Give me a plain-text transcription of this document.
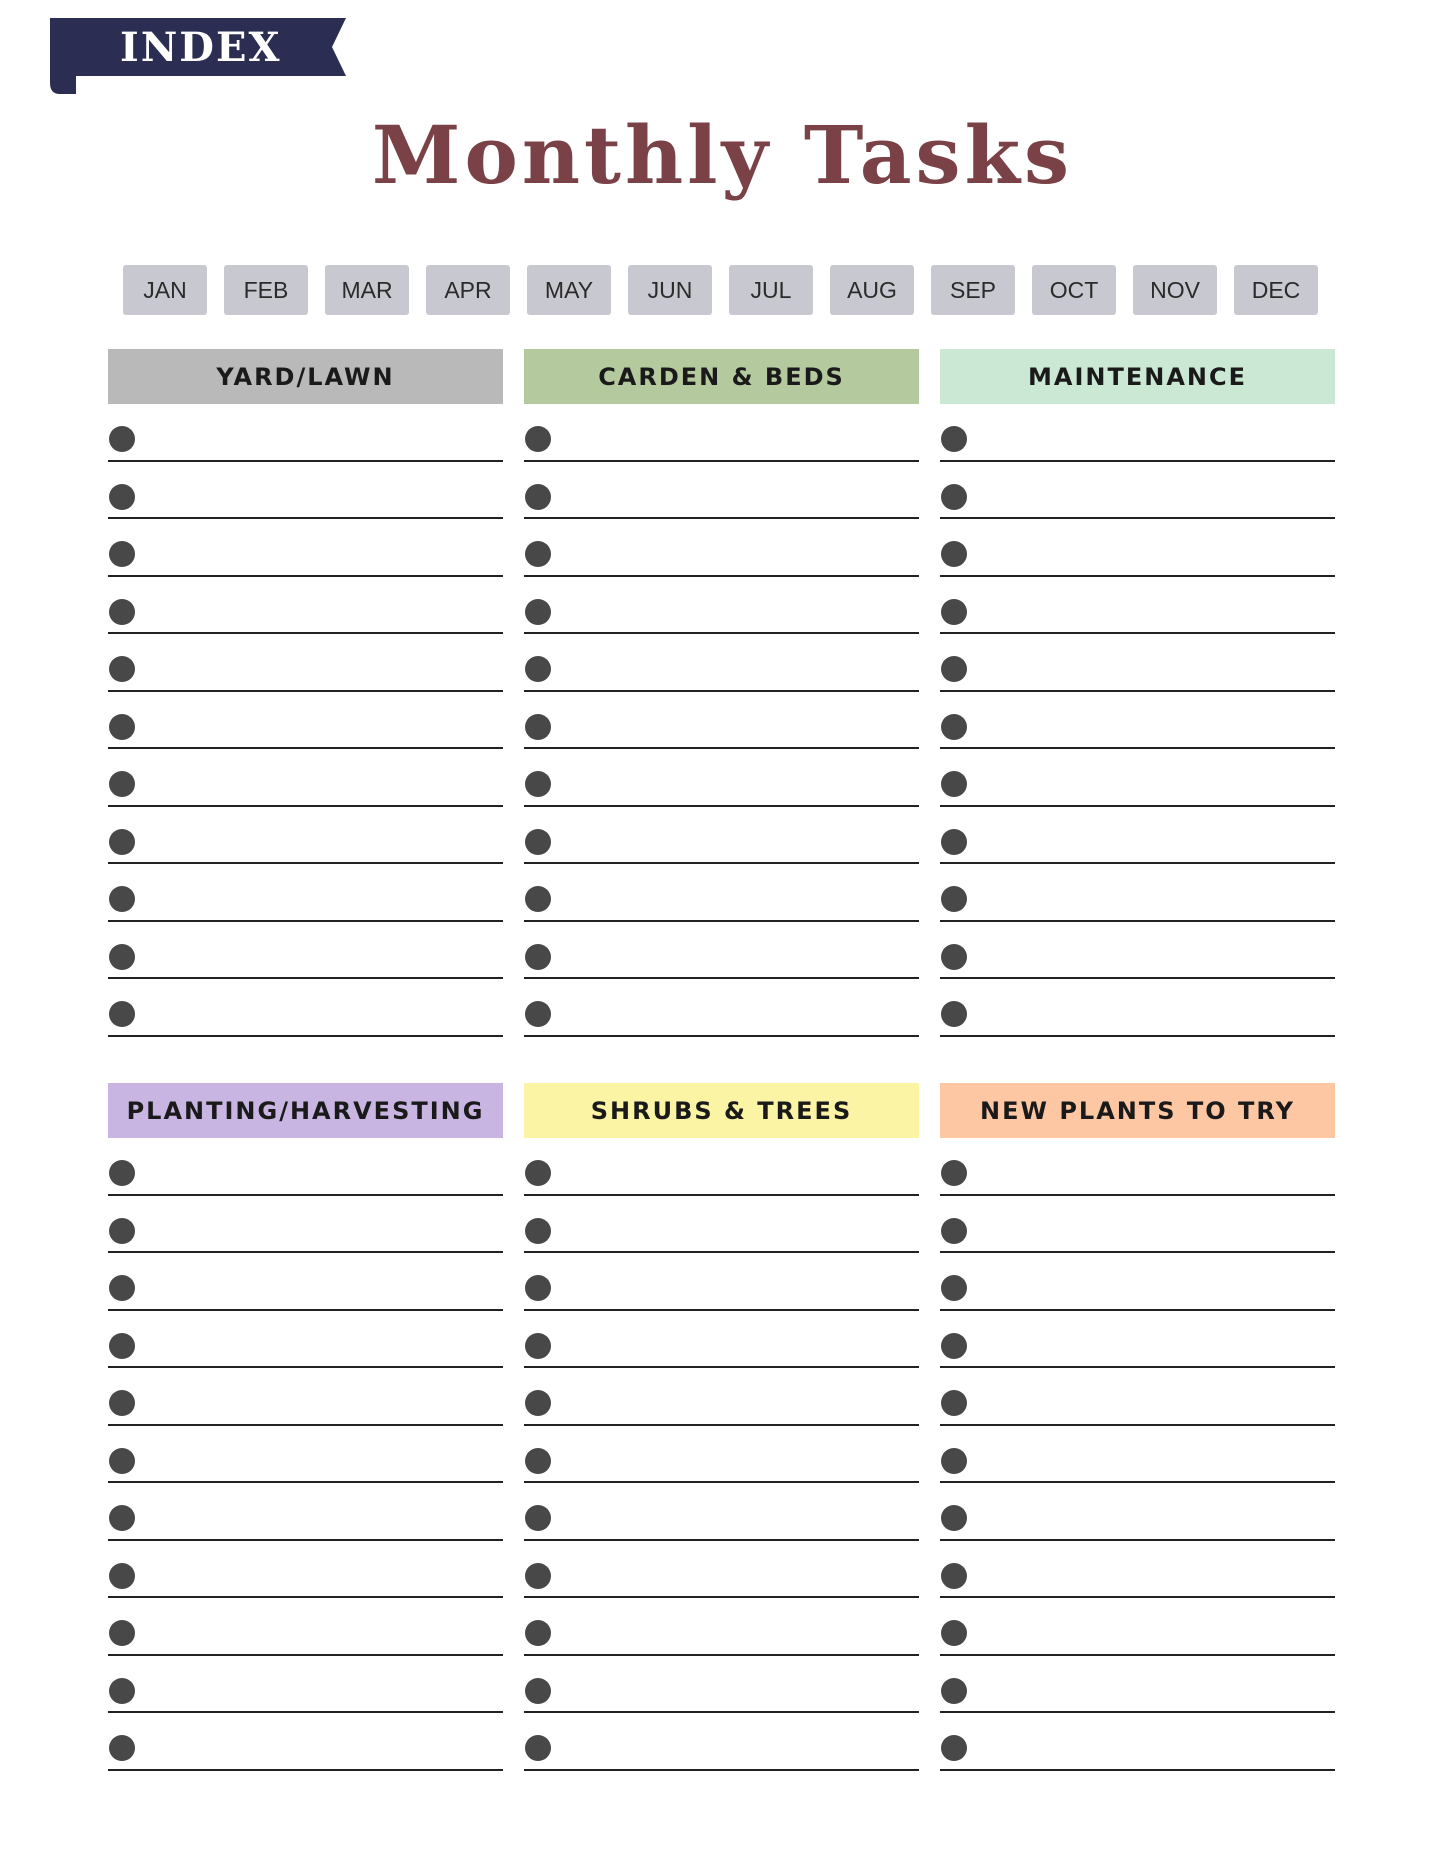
INDEX
Monthly Tasks
JAN	FEB	MAR	APR	MAY	JUN	JUL	AUG	SEP	OCT	NOV	DEC
YARD/LAWN	CARDEN & BEDS	MAINTENANCE
PLANTING/HARVESTING	SHRUBS & TREES	NEW PLANTS TO TRY
